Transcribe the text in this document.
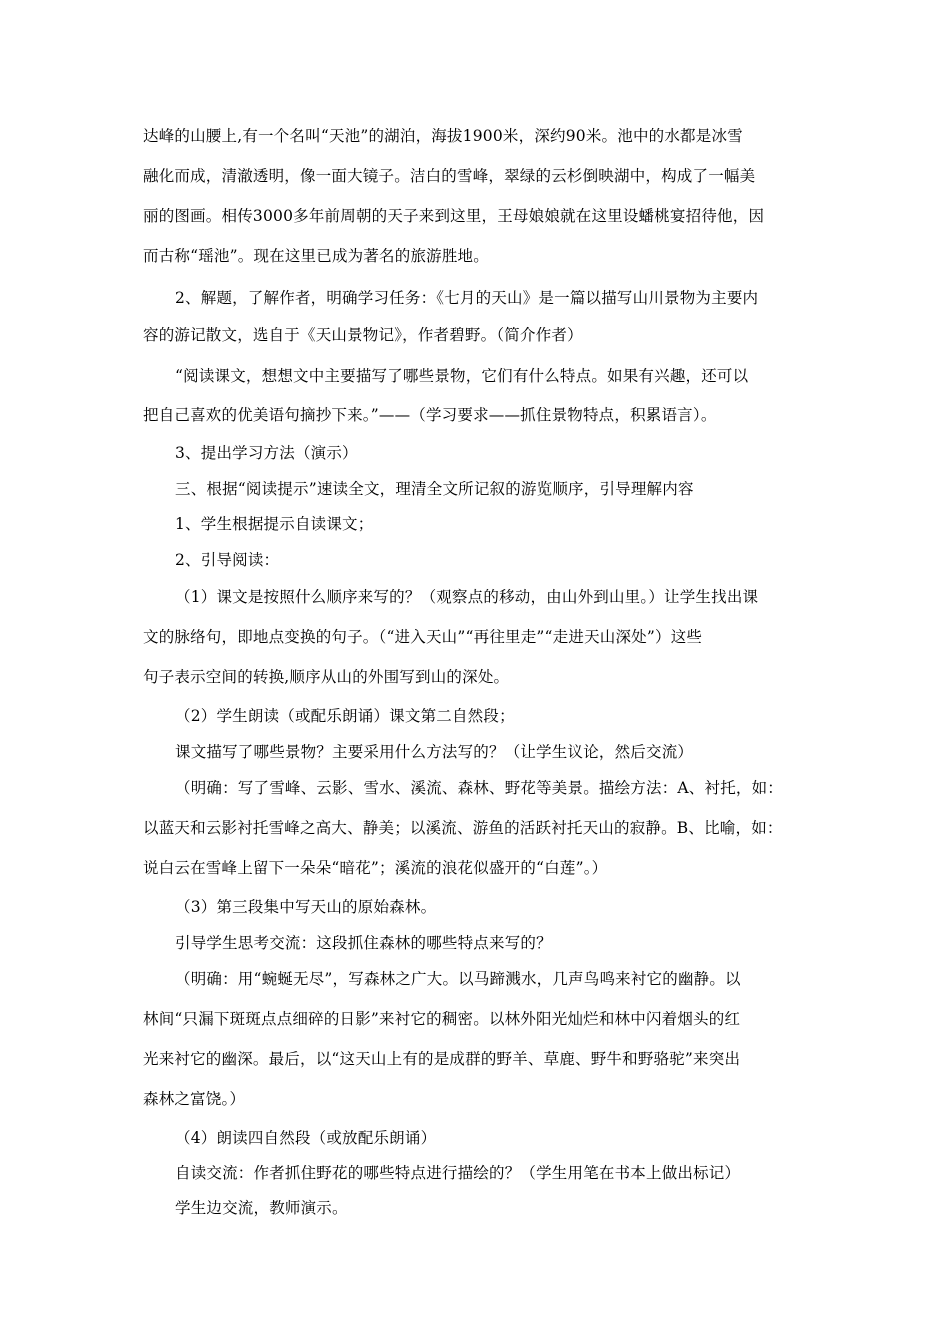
达峰的山腰上,有一个名叫“天池”的湖泊，海拔1900米，深约90米。池中的水都是冰雪
融化而成，清澈透明，像一面大镜子。洁白的雪峰，翠绿的云杉倒映湖中，构成了一幅美
丽的图画。相传3000多年前周朝的天子来到这里，王母娘娘就在这里设蟠桃宴招待他，因
而古称“瑶池”。现在这里已成为著名的旅游胜地。
2、解题，了解作者，明确学习任务：《七月的天山》是一篇以描写山川景物为主要内
容的游记散文，选自于《天山景物记》，作者碧野。（简介作者）
“阅读课文，想想文中主要描写了哪些景物，它们有什么特点。如果有兴趣，还可以
把自己喜欢的优美语句摘抄下来。”——（学习要求——抓住景物特点，积累语言）。
3、提出学习方法（演示）
三、根据“阅读提示”速读全文，理清全文所记叙的游览顺序，引导理解内容
1、学生根据提示自读课文；
2、引导阅读：
（1）课文是按照什么顺序来写的？（观察点的移动，由山外到山里。）让学生找出课
文的脉络句，即地点变换的句子。（“进入天山”“再往里走”“走进天山深处”）这些
句子表示空间的转换,顺序从山的外围写到山的深处。
（2）学生朗读（或配乐朗诵）课文第二自然段；
课文描写了哪些景物？主要采用什么方法写的？（让学生议论，然后交流）
（明确：写了雪峰、云影、雪水、溪流、森林、野花等美景。描绘方法：A、衬托，如：
以蓝天和云影衬托雪峰之高大、静美；以溪流、游鱼的活跃衬托天山的寂静。B、比喻，如：
说白云在雪峰上留下一朵朵“暗花”；溪流的浪花似盛开的“白莲”。）
（3）第三段集中写天山的原始森林。
引导学生思考交流：这段抓住森林的哪些特点来写的？
（明确：用“蜿蜒无尽”，写森林之广大。以马蹄溅水，几声鸟鸣来衬它的幽静。以
林间“只漏下斑斑点点细碎的日影”来衬它的稠密。以林外阳光灿烂和林中闪着烟头的红
光来衬它的幽深。最后，以“这天山上有的是成群的野羊、草鹿、野牛和野骆驼”来突出
森林之富饶。）
（4）朗读四自然段（或放配乐朗诵）
自读交流：作者抓住野花的哪些特点进行描绘的？（学生用笔在书本上做出标记）
学生边交流，教师演示。
